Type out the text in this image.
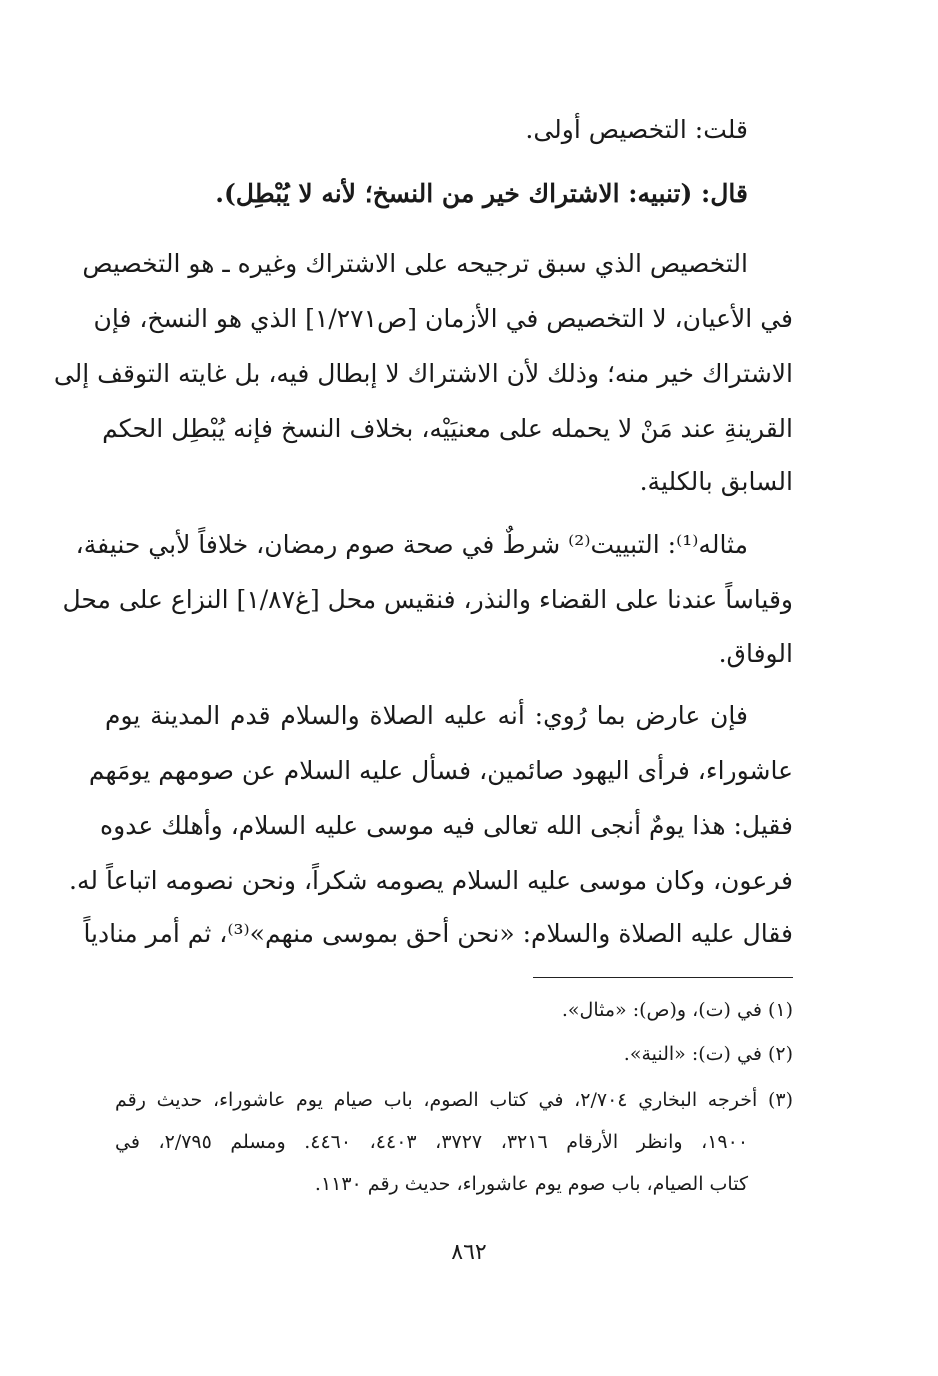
قلت: التخصيص أولى.
قال: (تنبيه: الاشتراك خير من النسخ؛ لأنه لا يُبْطِل).
التخصيص الذي سبق ترجيحه على الاشتراك وغيره ـ هو التخصيص
في الأعيان، لا التخصيص في الأزمان [ص١/٢٧١] الذي هو النسخ، فإن
الاشتراك خير منه؛ وذلك لأن الاشتراك لا إبطال فيه، بل غايته التوقف إلى
القرينةِ عند مَنْ لا يحمله على معنيَيْه، بخلاف النسخ فإنه يُبْطِل الحكم
السابق بالكلية.
مثاله⁽¹⁾: التبييت⁽²⁾ شرطٌ في صحة صوم رمضان، خلافاً لأبي حنيفة،
وقياساً عندنا على القضاء والنذر، فنقيس محل [غ١/٨٧] النزاع على محل
الوفاق.
فإن عارض بما رُوي: أنه عليه الصلاة والسلام قدم المدينة يوم
عاشوراء، فرأى اليهود صائمين، فسأل عليه السلام عن صومهم يومَهم
فقيل: هذا يومٌ أنجى الله تعالى فيه موسى عليه السلام، وأهلك عدوه
فرعون، وكان موسى عليه السلام يصومه شكراً، ونحن نصومه اتباعاً له.
فقال عليه الصلاة والسلام: «نحن أحق بموسى منهم»⁽³⁾، ثم أمر منادياً
(١) في (ت)، و(ص): «مثال».
(٢) في (ت): «النية».
(٣) أخرجه البخاري ٢/٧٠٤، في كتاب الصوم، باب صيام يوم عاشوراء، حديث رقم
١٩٠٠، وانظر الأرقام ٣٢١٦، ٣٧٢٧، ٤٤٠٣، ٤٤٦٠. ومسلم ٢/٧٩٥، في
كتاب الصيام، باب صوم يوم عاشوراء، حديث رقم ١١٣٠.
٨٦٢
